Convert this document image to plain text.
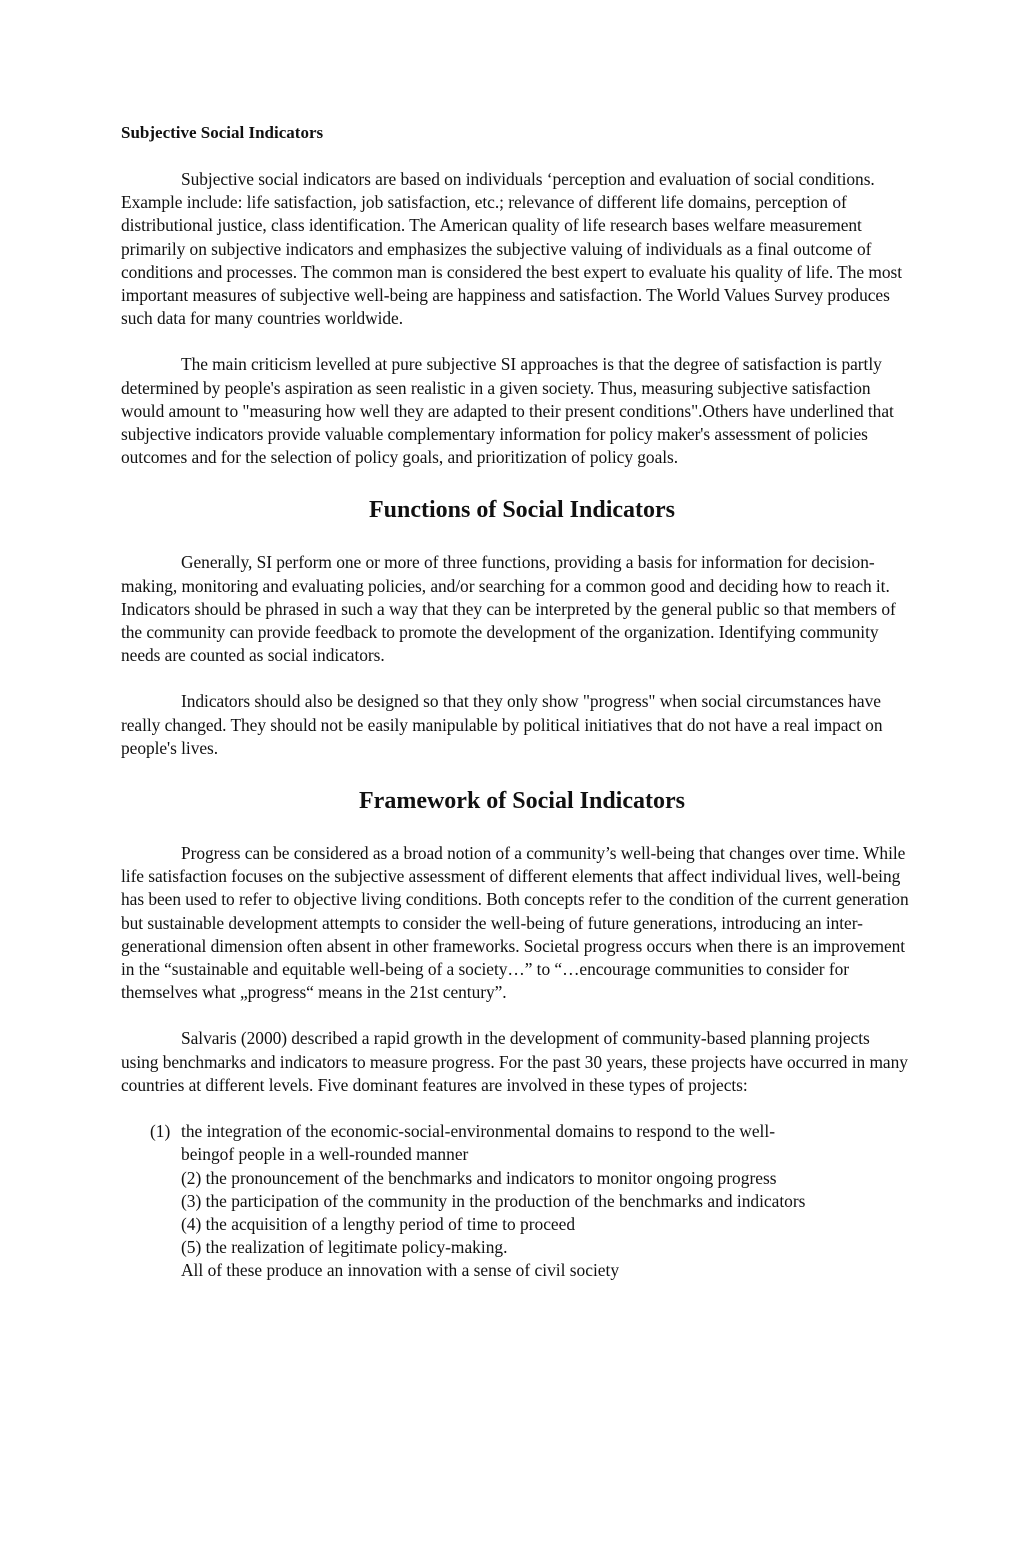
Subjective Social Indicators

Subjective social indicators are based on individuals ‘perception and evaluation of social conditions. Example include: life satisfaction, job satisfaction, etc.; relevance of different life domains, perception of distributional justice, class identification. The American quality of life research bases welfare measurement primarily on subjective indicators and emphasizes the subjective valuing of individuals as a final outcome of conditions and processes. The common man is considered the best expert to evaluate his quality of life. The most important measures of subjective well-being are happiness and satisfaction. The World Values Survey produces such data for many countries worldwide.

The main criticism levelled at pure subjective SI approaches is that the degree of satisfaction is partly determined by people's aspiration as seen realistic in a given society. Thus, measuring subjective satisfaction would amount to "measuring how well they are adapted to their present conditions".Others have underlined that subjective indicators provide valuable complementary information for policy maker's assessment of policies outcomes and for the selection of policy goals, and prioritization of policy goals.

Functions of Social Indicators

Generally, SI perform one or more of three functions, providing a basis for information for decision-making, monitoring and evaluating policies, and/or searching for a common good and deciding how to reach it. Indicators should be phrased in such a way that they can be interpreted by the general public so that members of the community can provide feedback to promote the development of the organization. Identifying community needs are counted as social indicators.

Indicators should also be designed so that they only show "progress" when social circumstances have really changed. They should not be easily manipulable by political initiatives that do not have a real impact on people's lives.

Framework of Social Indicators

Progress can be considered as a broad notion of a community’s well-being that changes over time. While life satisfaction focuses on the subjective assessment of different elements that affect individual lives, well-being has been used to refer to objective living conditions. Both concepts refer to the condition of the current generation but sustainable development attempts to consider the well-being of future generations, introducing an inter-generational dimension often absent in other frameworks. Societal progress occurs when there is an improvement in the “sustainable and equitable well-being of a society…” to “…encourage communities to consider for themselves what „progress“ means in the 21st century”.

Salvaris (2000) described a rapid growth in the development of community-based planning projects using benchmarks and indicators to measure progress. For the past 30 years, these projects have occurred in many countries at different levels. Five dominant features are involved in these types of projects:

(1) the integration of the economic-social-environmental domains to respond to the well-
beingof people in a well-rounded manner
(2) the pronouncement of the benchmarks and indicators to monitor ongoing progress
(3) the participation of the community in the production of the benchmarks and indicators
(4) the acquisition of a lengthy period of time to proceed
(5) the realization of legitimate policy-making.
All of these produce an innovation with a sense of civil society
